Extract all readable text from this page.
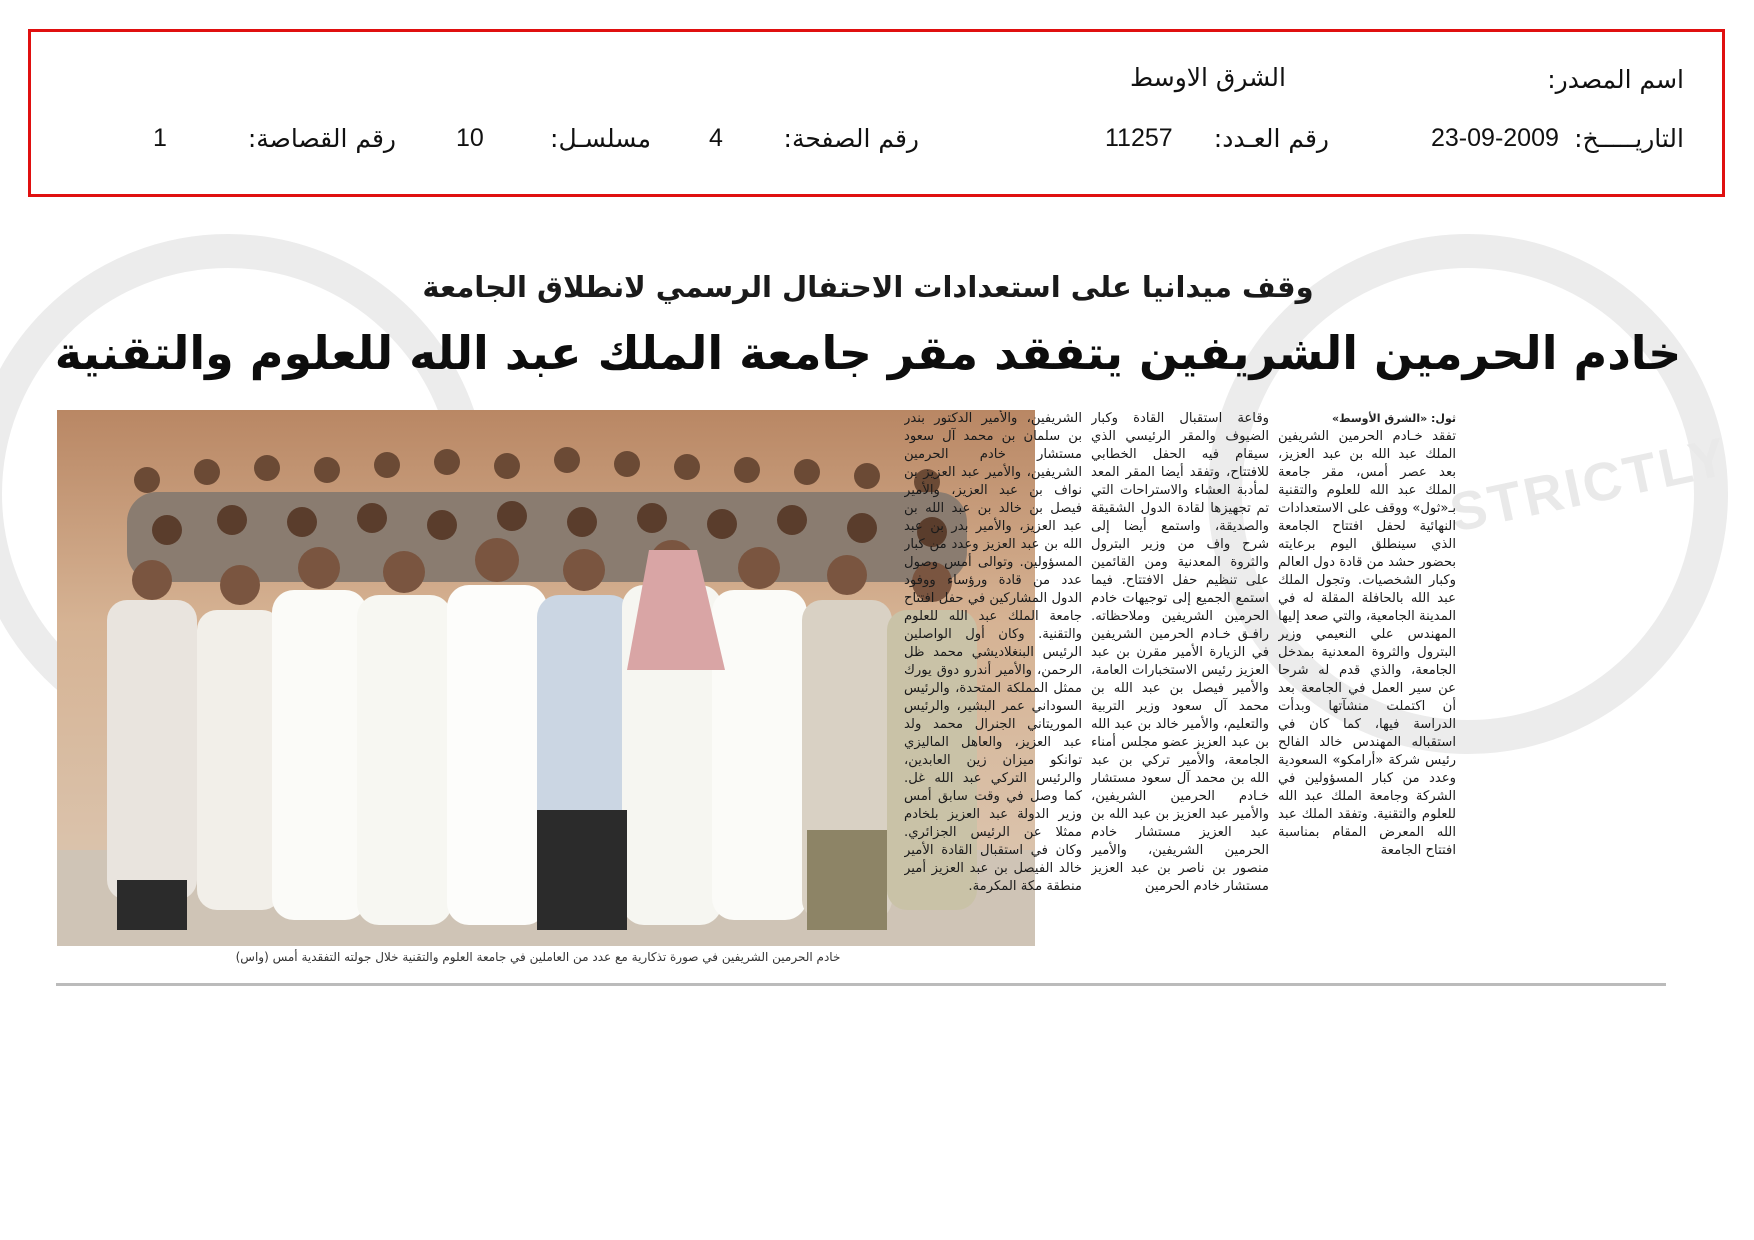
اسم المصدر:
الشرق الاوسط
التاريـــــخ:
23-09-2009
رقم العـدد:
11257
رقم الصفحة:
4
مسلسـل:
10
رقم القصاصة:
1
STRICTLY
وقف ميدانيا على استعدادات الاحتفال الرسمي لانطلاق الجامعة
خادم الحرمين الشريفين يتفقد مقر جامعة الملك عبد الله للعلوم والتقنية
خادم الحرمين الشريفين في صورة تذكارية مع عدد من العاملين في جامعة العلوم والتقنية خلال جولته التفقدية أمس (واس)
ثول: «الشرق الأوسط»
تفقد خـادم الحرمين الشريفين الملك عبد الله بن عبد العزيز، بعد عصر أمس، مقر جامعة الملك عبد الله للعلوم والتقنية بـ«ثول» ووقف على الاستعدادات النهائية لحفل افتتاح الجامعة الذي سينطلق اليوم برعايته بحضور حشد من قادة دول العالم وكبار الشخصيات. وتجول الملك عبد الله بالحافلة المقلة له في المدينة الجامعية، والتي صعد إليها المهندس علي النعيمي وزير البترول والثروة المعدنية بمدخل الجامعة، والذي قدم له شرحا عن سير العمل في الجامعة بعد أن اكتملت منشآتها وبدأت الدراسة فيها، كما كان في استقباله المهندس خالد الفالح رئيس شركة «أرامكو» السعودية وعدد من كبار المسؤولين في الشركة وجامعة الملك عبد الله للعلوم والتقنية. وتفقد الملك عبد الله المعرض المقام بمناسبة افتتاح الجامعة
وقاعة استقبال القادة وكبار الضيوف والمقر الرئيسي الذي سيقام فيه الحفل الخطابي للافتتاح، وتفقد أيضا المقر المعد لمأدبة العشاء والاستراحات التي تم تجهيزها لقادة الدول الشقيقة والصديقة، واستمع أيضا إلى شرح واف من وزير البترول والثروة المعدنية ومن القائمين على تنظيم حفل الافتتاح. فيما استمع الجميع إلى توجيهات خادم الحرمين الشريفين وملاحظاته. رافـق خـادم الحرمين الشريفين في الزيارة الأمير مقرن بن عبد العزيز رئيس الاستخبارات العامة، والأمير فيصل بن عبد الله بن محمد آل سعود وزير التربية والتعليم، والأمير خالد بن عبد الله بن عبد العزيز عضو مجلس أمناء الجامعة، والأمير تركي بن عبد الله بن محمد آل سعود مستشار خـادم الحرمين الشريفين، والأمير عبد العزيز بن عبد الله بن عبد العزيز مستشار خادم الحرمين الشريفين، والأمير منصور بن ناصر بن عبد العزيز مستشار خادم الحرمين
الشريفين، والأمير الدكتور بندر بن سلمان بن محمد آل سعود مستشار خادم الحرمين الشريفين، والأمير عبد العزيز بن نواف بن عبد العزيز، والأمير فيصل بن خالد بن عبد الله بن عبد العزيز، والأمير بدر بن عبد الله بن عبد العزيز وعدد من كبار المسؤولين. وتوالى أمس وصول عدد من قادة ورؤساء ووفود الدول المشاركين في حفل افتتاح جامعة الملك عبد الله للعلوم والتقنية. وكان أول الواصلين الرئيس البنغلاديشي محمد ظل الرحمن، والأمير أندرو دوق يورك ممثل المملكة المتحدة، والرئيس السوداني عمر البشير، والرئيس الموريتاني الجنرال محمد ولد عبد العزيز، والعاهل الماليزي توانكو ميزان زين العابدين، والرئيس التركي عبد الله غل. كما وصل في وقت سابق أمس وزير الدولة عبد العزيز بلخادم ممثلا عن الرئيس الجزائري. وكان في استقبال القادة الأمير خالد الفيصل بن عبد العزيز أمير منطقة مكة المكرمة.
